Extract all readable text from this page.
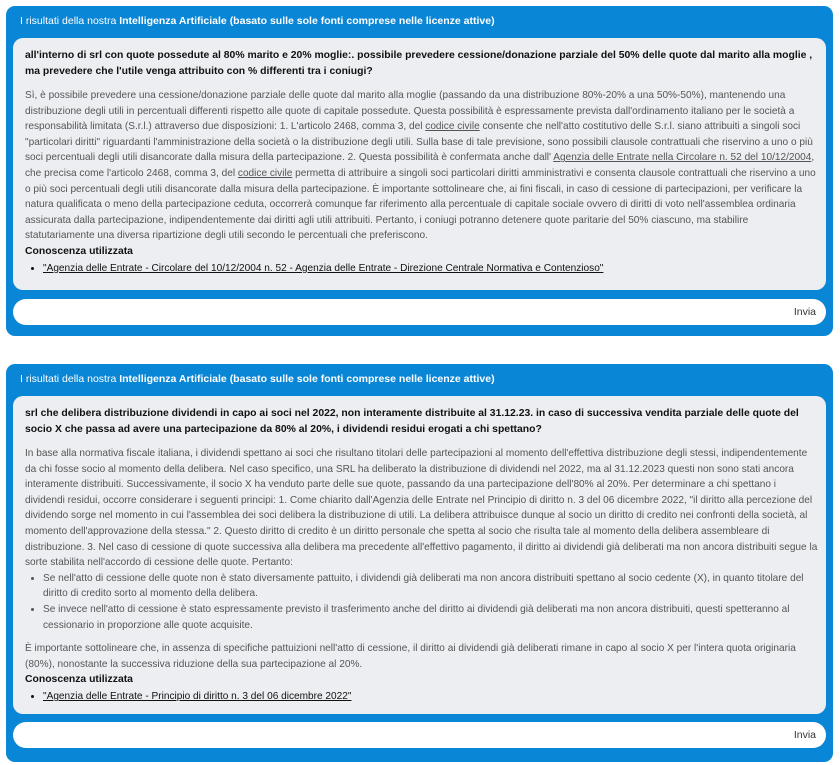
I risultati della nostra Intelligenza Artificiale (basato sulle sole fonti comprese nelle licenze attive)

all'interno di srl con quote possedute al 80% marito e 20% moglie:. possibile prevedere cessione/donazione parziale del 50% delle quote dal marito alla moglie , ma prevedere che l'utile venga attribuito con % differenti tra i coniugi?

Sì, è possibile prevedere una cessione/donazione parziale delle quote dal marito alla moglie (passando da una distribuzione 80%-20% a una 50%-50%), mantenendo una distribuzione degli utili in percentuali differenti rispetto alle quote di capitale possedute. Questa possibilità è espressamente prevista dall'ordinamento italiano per le società a responsabilità limitata (S.r.l.) attraverso due disposizioni: 1. L'articolo 2468, comma 3, del codice civile consente che nell'atto costitutivo delle S.r.l. siano attribuiti a singoli soci "particolari diritti" riguardanti l'amministrazione della società o la distribuzione degli utili. Sulla base di tale previsione, sono possibili clausole contrattuali che riservino a uno o più soci percentuali degli utili disancorate dalla misura della partecipazione. 2. Questa possibilità è confermata anche dall' Agenzia delle Entrate nella Circolare n. 52 del 10/12/2004, che precisa come l'articolo 2468, comma 3, del codice civile permetta di attribuire a singoli soci particolari diritti amministrativi e consenta clausole contrattuali che riservino a uno o più soci percentuali degli utili disancorate dalla misura della partecipazione. È importante sottolineare che, ai fini fiscali, in caso di cessione di partecipazioni, per verificare la natura qualificata o meno della partecipazione ceduta, occorrerà comunque far riferimento alla percentuale di capitale sociale ovvero di diritti di voto nell'assemblea ordinaria assicurata dalla partecipazione, indipendentemente dai diritti agli utili attribuiti. Pertanto, i coniugi potranno detenere quote paritarie del 50% ciascuno, ma stabilire statutariamente una diversa ripartizione degli utili secondo le percentuali che preferiscono.

Conoscenza utilizzata
• "Agenzia delle Entrate - Circolare del 10/12/2004 n. 52 - Agenzia delle Entrate - Direzione Centrale Normativa e Contenzioso"
Invia
I risultati della nostra Intelligenza Artificiale (basato sulle sole fonti comprese nelle licenze attive)

srl che delibera distribuzione dividendi in capo ai soci nel 2022, non interamente distribuite al 31.12.23. in caso di successiva vendita parziale delle quote del socio X che passa ad avere una partecipazione da 80% al 20%, i dividendi residui erogati a chi spettano?

In base alla normativa fiscale italiana, i dividendi spettano ai soci che risultano titolari delle partecipazioni al momento dell'effettiva distribuzione degli stessi, indipendentemente da chi fosse socio al momento della delibera. Nel caso specifico, una SRL ha deliberato la distribuzione di dividendi nel 2022, ma al 31.12.2023 questi non sono stati ancora interamente distribuiti. Successivamente, il socio X ha venduto parte delle sue quote, passando da una partecipazione dell'80% al 20%. Per determinare a chi spettano i dividendi residui, occorre considerare i seguenti principi: 1. Come chiarito dall'Agenzia delle Entrate nel Principio di diritto n. 3 del 06 dicembre 2022, "il diritto alla percezione del dividendo sorge nel momento in cui l'assemblea dei soci delibera la distribuzione di utili. La delibera attribuisce dunque al socio un diritto di credito nei confronti della società, al momento dell'approvazione della stessa." 2. Questo diritto di credito è un diritto personale che spetta al socio che risulta tale al momento della delibera assembleare di distribuzione. 3. Nel caso di cessione di quote successiva alla delibera ma precedente all'effettivo pagamento, il diritto ai dividendi già deliberati ma non ancora distribuiti segue la sorte stabilita nell'accordo di cessione delle quote. Pertanto:

• Se nell'atto di cessione delle quote non è stato diversamente pattuito, i dividendi già deliberati ma non ancora distribuiti spettano al socio cedente (X), in quanto titolare del diritto di credito sorto al momento della delibera.
• Se invece nell'atto di cessione è stato espressamente previsto il trasferimento anche del diritto ai dividendi già deliberati ma non ancora distribuiti, questi spetteranno al cessionario in proporzione alle quote acquisite.

È importante sottolineare che, in assenza di specifiche pattuizioni nell'atto di cessione, il diritto ai dividendi già deliberati rimane in capo al socio X per l'intera quota originaria (80%), nonostante la successiva riduzione della sua partecipazione al 20%.

Conoscenza utilizzata
• "Agenzia delle Entrate - Principio di diritto n. 3 del 06 dicembre 2022"
Invia
